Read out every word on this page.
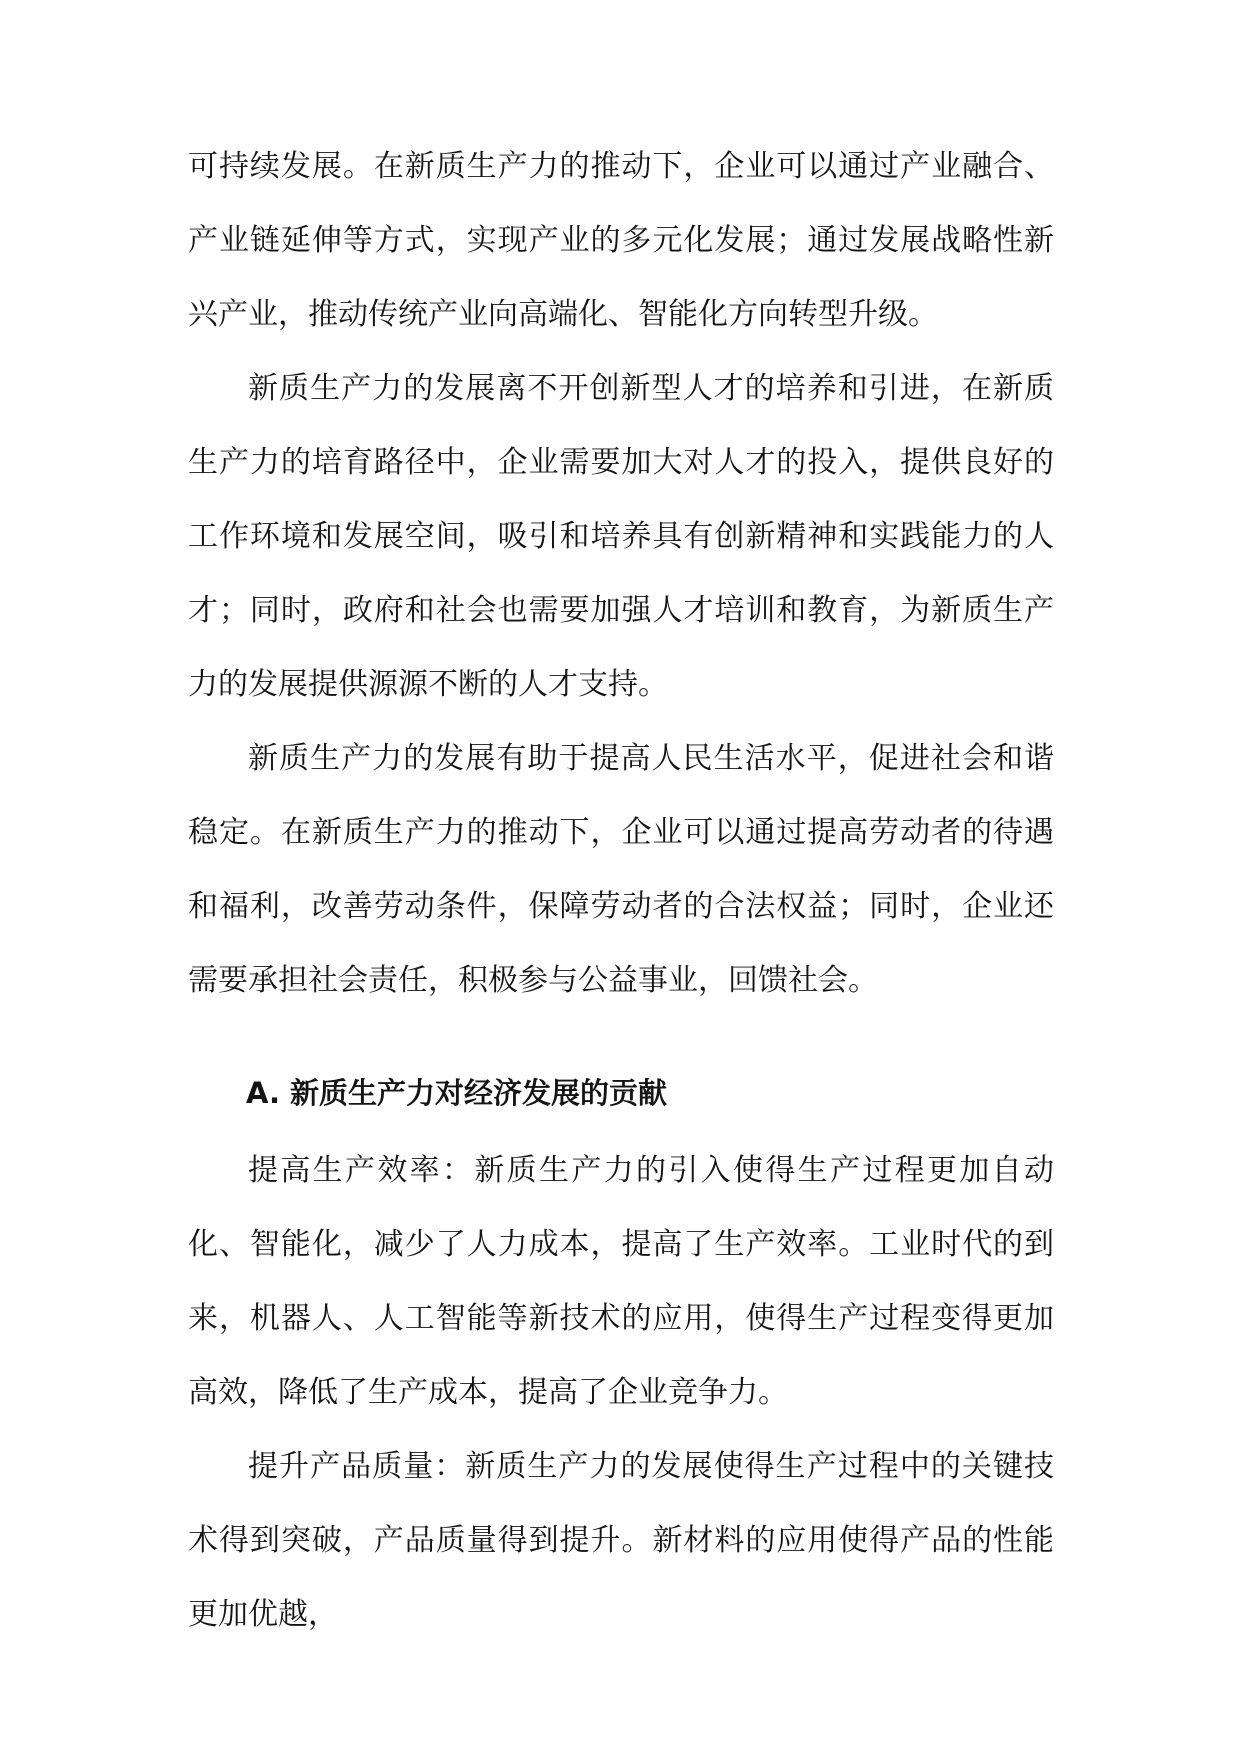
可持续发展。在新质生产力的推动下，企业可以通过产业融合、产业链延伸等方式，实现产业的多元化发展；通过发展战略性新兴产业，推动传统产业向高端化、智能化方向转型升级。

新质生产力的发展离不开创新型人才的培养和引进，在新质生产力的培育路径中，企业需要加大对人才的投入，提供良好的工作环境和发展空间，吸引和培养具有创新精神和实践能力的人才；同时，政府和社会也需要加强人才培训和教育，为新质生产力的发展提供源源不断的人才支持。

新质生产力的发展有助于提高人民生活水平，促进社会和谐稳定。在新质生产力的推动下，企业可以通过提高劳动者的待遇和福利，改善劳动条件，保障劳动者的合法权益；同时，企业还需要承担社会责任，积极参与公益事业，回馈社会。

A. 新质生产力对经济发展的贡献

提高生产效率：新质生产力的引入使得生产过程更加自动化、智能化，减少了人力成本，提高了生产效率。工业时代的到来，机器人、人工智能等新技术的应用，使得生产过程变得更加高效，降低了生产成本，提高了企业竞争力。

提升产品质量：新质生产力的发展使得生产过程中的关键技术得到突破，产品质量得到提升。新材料的应用使得产品的性能更加优越，
